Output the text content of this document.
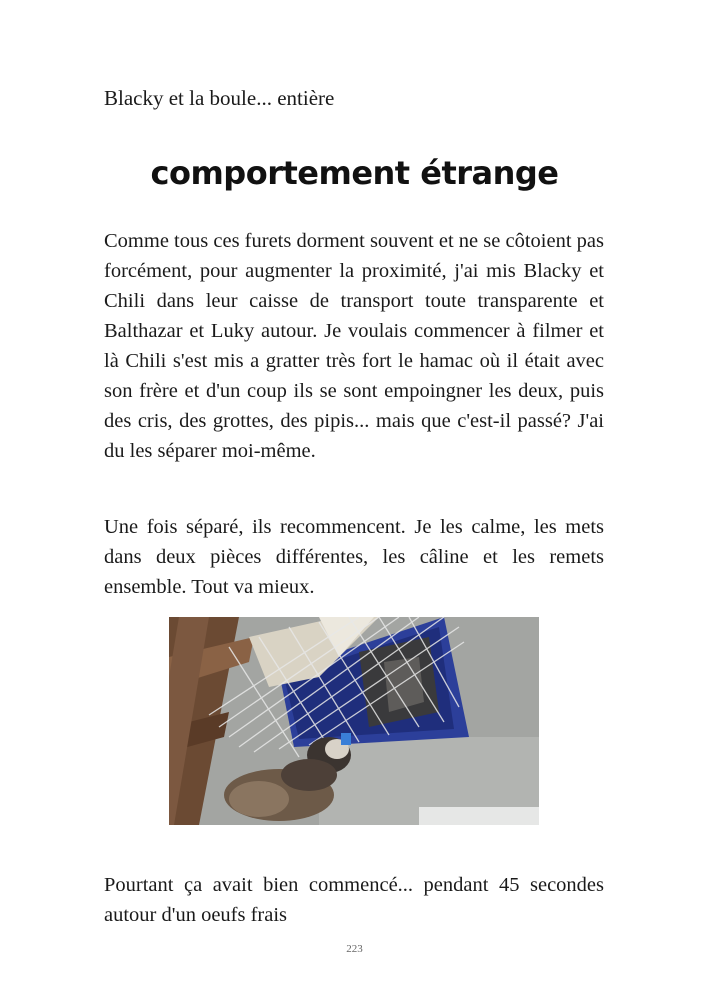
Blacky et la boule... entière
comportement étrange

Comme tous ces furets dorment souvent et ne se côtoient pas forcément, pour augmenter la proximité, j'ai mis Blacky et Chili dans leur caisse de transport toute transparente et Balthazar et Luky autour. Je voulais commencer à filmer et là Chili s'est mis a gratter très fort le hamac où il était avec son frère et d'un coup ils se sont empoingner les deux, puis des cris, des grottes, des pipis... mais que c'est-il passé? J'ai du les séparer moi-même.

Une fois séparé, ils recommencent. Je les calme, les mets dans deux pièces différentes, les câline et les remets ensemble. Tout va mieux.

Pourtant ça avait bien commencé... pendant 45 secondes autour d'un oeufs frais

223
